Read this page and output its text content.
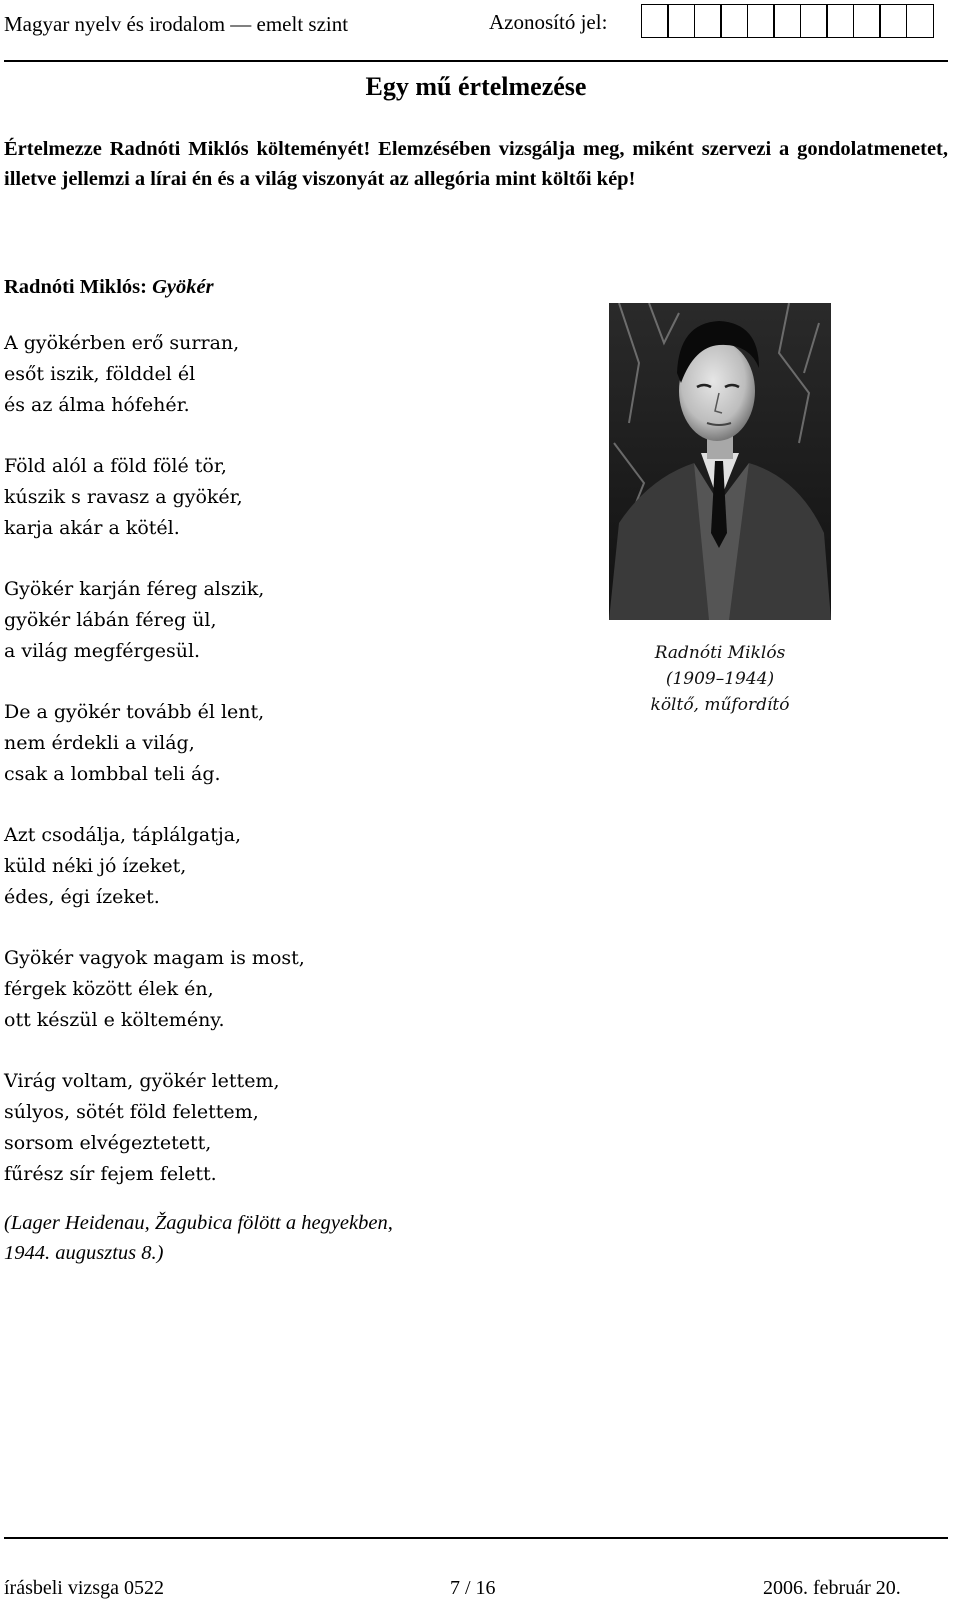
Magyar nyelv és irodalom — emelt szint	Azonosító jel:
Egy mű értelmezése
Értelmezze Radnóti Miklós költeményét! Elemzésében vizsgálja meg, miként szervezi a gondolatmenetet, illetve jellemzi a lírai én és a világ viszonyát az allegória mint költői kép!
Radnóti Miklós: Gyökér
A gyökérben erő surran,
esőt iszik, földdel él
és az álma hófehér.
Föld alól a föld fölé tör,
kúszik s ravasz a gyökér,
karja akár a kötél.
Gyökér karján féreg alszik,
gyökér lábán féreg ül,
a világ megférgesül.
De a gyökér tovább él lent,
nem érdekli a világ,
csak a lombbal teli ág.
Azt csodálja, táplálgatja,
küld néki jó ízeket,
édes, égi ízeket.
Gyökér vagyok magam is most,
férgek között élek én,
ott készül e költemény.
Virág voltam, gyökér lettem,
súlyos, sötét föld felettem,
sorsom elvégeztetett,
fűrész sír fejem felett.
(Lager Heidenau, Žagubica fölött a hegyekben,
1944. augusztus 8.)
Radnóti Miklós
(1909–1944)
költő, műfordító
írásbeli vizsga 0522	7 / 16	2006. február 20.
